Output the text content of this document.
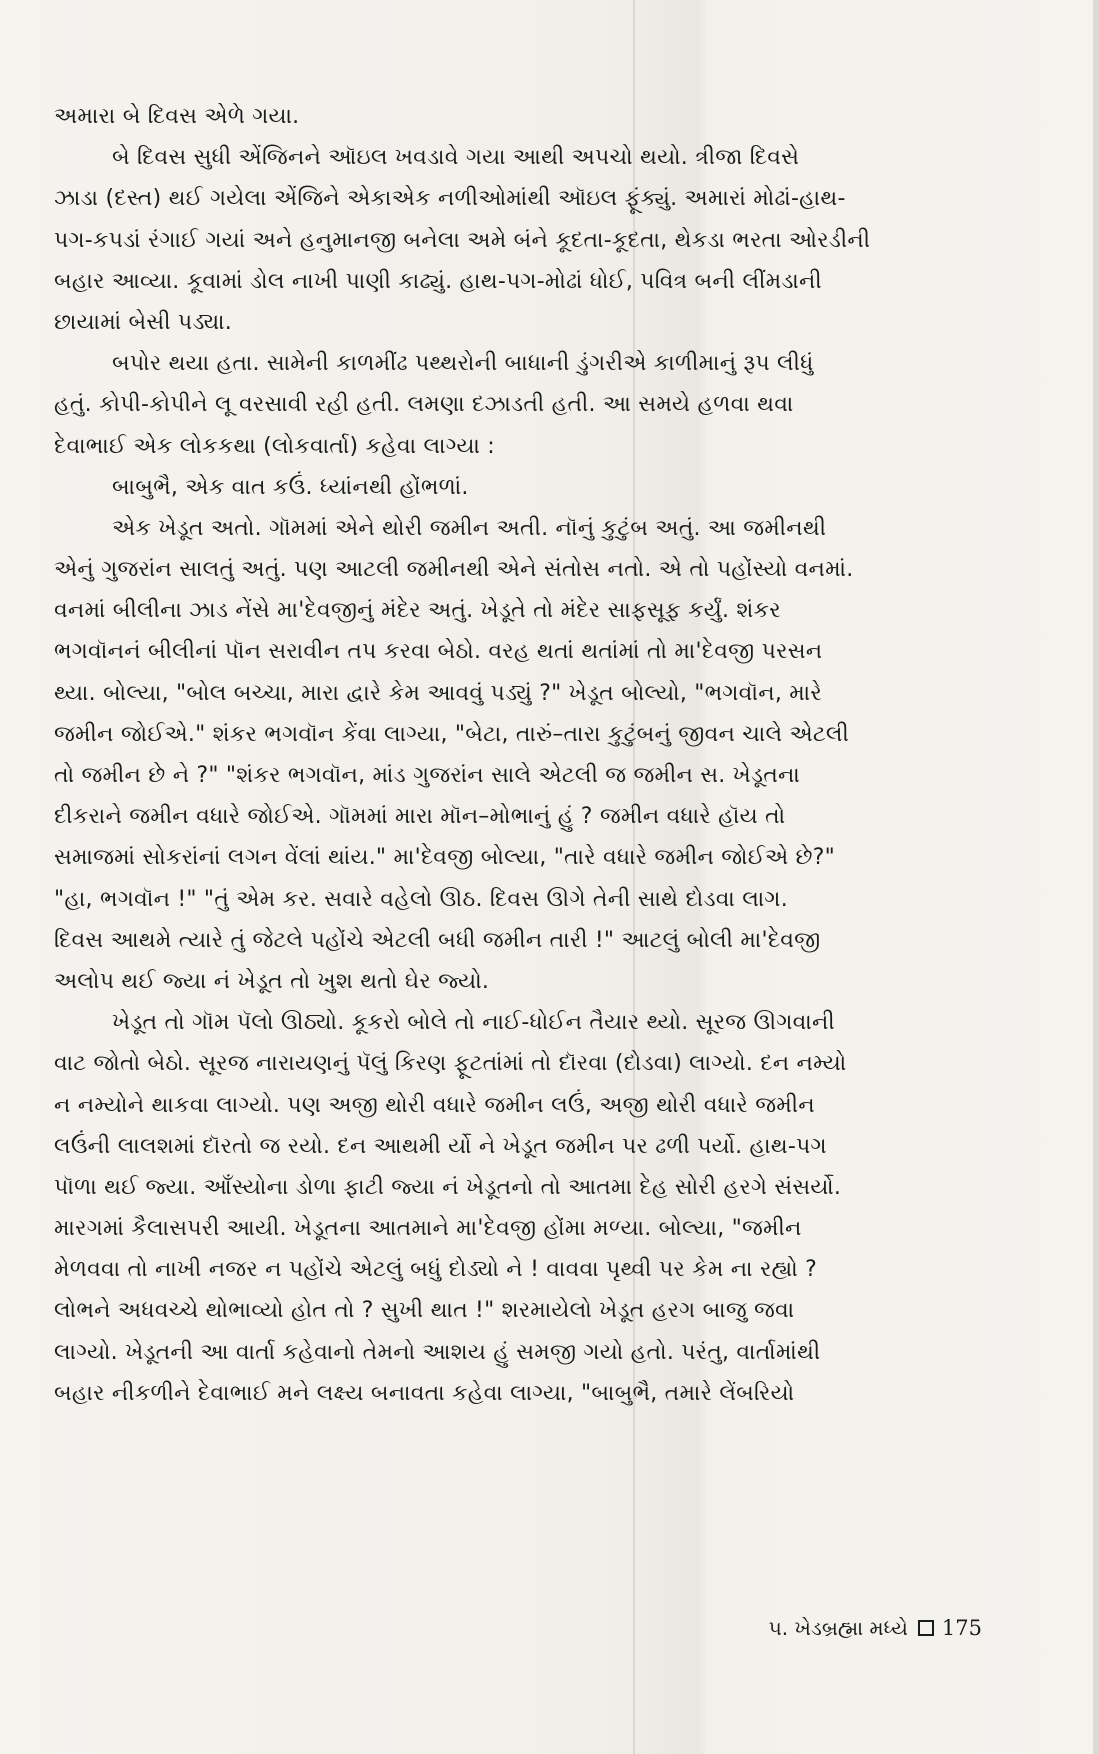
અમારા બે દિવસ એળે ગયા.
બે દિવસ સુધી એંજિનને ઑઇલ ખવડાવે ગયા આથી અપચો થયો. ત્રીજા દિવસે
ઝાડા (દસ્ત) થઈ ગયેલા એંજિને એકાએક નળીઓમાંથી ઑઇલ ફૂંક્યું. અમારાં મોઢાં-હાથ-
પગ-કપડાં રંગાઈ ગયાં અને હનુમાનજી બનેલા અમે બંને કૂદતા-કૂદતા, થેકડા ભરતા ઓરડીની
બહાર આવ્યા. કૂવામાં ડોલ નાખી પાણી કાઢ્યું. હાથ-પગ-મોઢાં ધોઈ, પવિત્ર બની લીંમડાની
છાયામાં બેસી પડ્યા.
બપોર થયા હતા. સામેની કાળમીંઢ પથ્થરોની બાધાની ડુંગરીએ કાળીમાનું રૂપ લીધું
હતું. કોપી-કોપીને લૂ વરસાવી રહી હતી. લમણા દઝાડતી હતી. આ સમયે હળવા થવા
દેવાભાઈ એક લોકકથા (લોકવાર્તા) કહેવા લાગ્યા :
બાબુભૈ, એક વાત કઉં. ધ્યાંનથી હોંભળાં.
એક ખેડૂત અતો. ગૉમમાં એને થોરી જમીન અતી. નૉનું કુટુંબ અતું. આ જમીનથી
એનું ગુજરાંન સાલતું અતું. પણ આટલી જમીનથી એને સંતોસ નતો. એ તો પહોંસ્યો વનમાં.
વનમાં બીલીના ઝાડ નેંસે મા'દેવજીનું મંદેર અતું. ખેડૂતે તો મંદેર સાફસૂફ કર્યું. શંકર
ભગવૉનનં બીલીનાં પૉન સરાવીન તપ કરવા બેઠો. વરહ થતાં થતાંમાં તો મા'દેવજી પરસન
થ્યા. બોલ્યા, "બોલ બચ્ચા, મારા દ્વારે કેમ આવવું પડ્યું ?" ખેડૂત બોલ્યો, "ભગવૉન, મારે
જમીન જોઈએ." શંકર ભગવૉન કેંવા લાગ્યા, "બેટા, તારું–તારા કુટુંબનું જીવન ચાલે એટલી
તો જમીન છે ને ?" "શંકર ભગવૉન, માંડ ગુજરાંન સાલે એટલી જ જમીન સ. ખેડૂતના
દીકરાને જમીન વધારે જોઈએ. ગૉમમાં મારા મૉન–મોભાનું હું ? જમીન વધારે હૉય તો
સમાજમાં સોકરાંનાં લગન વેંલાં થાંય." મા'દેવજી બોલ્યા, "તારે વધારે જમીન જોઈએ છે?"
"હા, ભગવૉન !" "તું એમ કર. સવારે વહેલો ઊઠ. દિવસ ઊગે તેની સાથે દોડવા લાગ.
દિવસ આથમે ત્યારે તું જેટલે પહોંચે એટલી બધી જમીન તારી !" આટલું બોલી મા'દેવજી
અલોપ થઈ જ્યા નં ખેડૂત તો ખુશ થતો ઘેર જ્યો.
ખેડૂત તો ગૉમ પૅલો ઊઠ્યો. કૂકરો બોલે તો નાઈ-ધોઈન તૈયાર થ્યો. સૂરજ ઊગવાની
વાટ જોતો બેઠો. સૂરજ નારાયણનું પૅલું કિરણ ફૂટતાંમાં તો દૉરવા (દોડવા) લાગ્યો. દન નમ્યો
ન નમ્યોને થાકવા લાગ્યો. પણ અજી થોરી વધારે જમીન લઉં, અજી થોરી વધારે જમીન
લઉંની લાલશમાં દૉરતો જ રયો. દન આથમી ર્યો ને ખેડૂત જમીન પર ઢળી પર્યો. હાથ-પગ
પૉળા થઈ જ્યા. આઁસ્યોના ડોળા ફાટી જ્યા નં ખેડૂતનો તો આતમા દેહ સોરી હરગે સંસર્યો.
મારગમાં કૈલાસપરી આયી. ખેડૂતના આતમાને મા'દેવજી હોંમા મળ્યા. બોલ્યા, "જમીન
મેળવવા તો નાખી નજર ન પહોંચે એટલું બધું દોડ્યો ને ! વાવવા પૃથ્વી પર કેમ ના રહ્યો ?
લોભને અધવચ્ચે થોભાવ્યો હોત તો ? સુખી થાત !" શરમાયેલો ખેડૂત હરગ બાજુ જવા
લાગ્યો. ખેડૂતની આ વાર્તા કહેવાનો તેમનો આશય હું સમજી ગયો હતો. પરંતુ, વાર્તામાંથી
બહાર નીકળીને દેવાભાઈ મને લક્ષ્ય બનાવતા કહેવા લાગ્યા, "બાબુભૈ, તમારે લેંબરિયો
૫. ખેડબ્રહ્મા મધ્યે 175
